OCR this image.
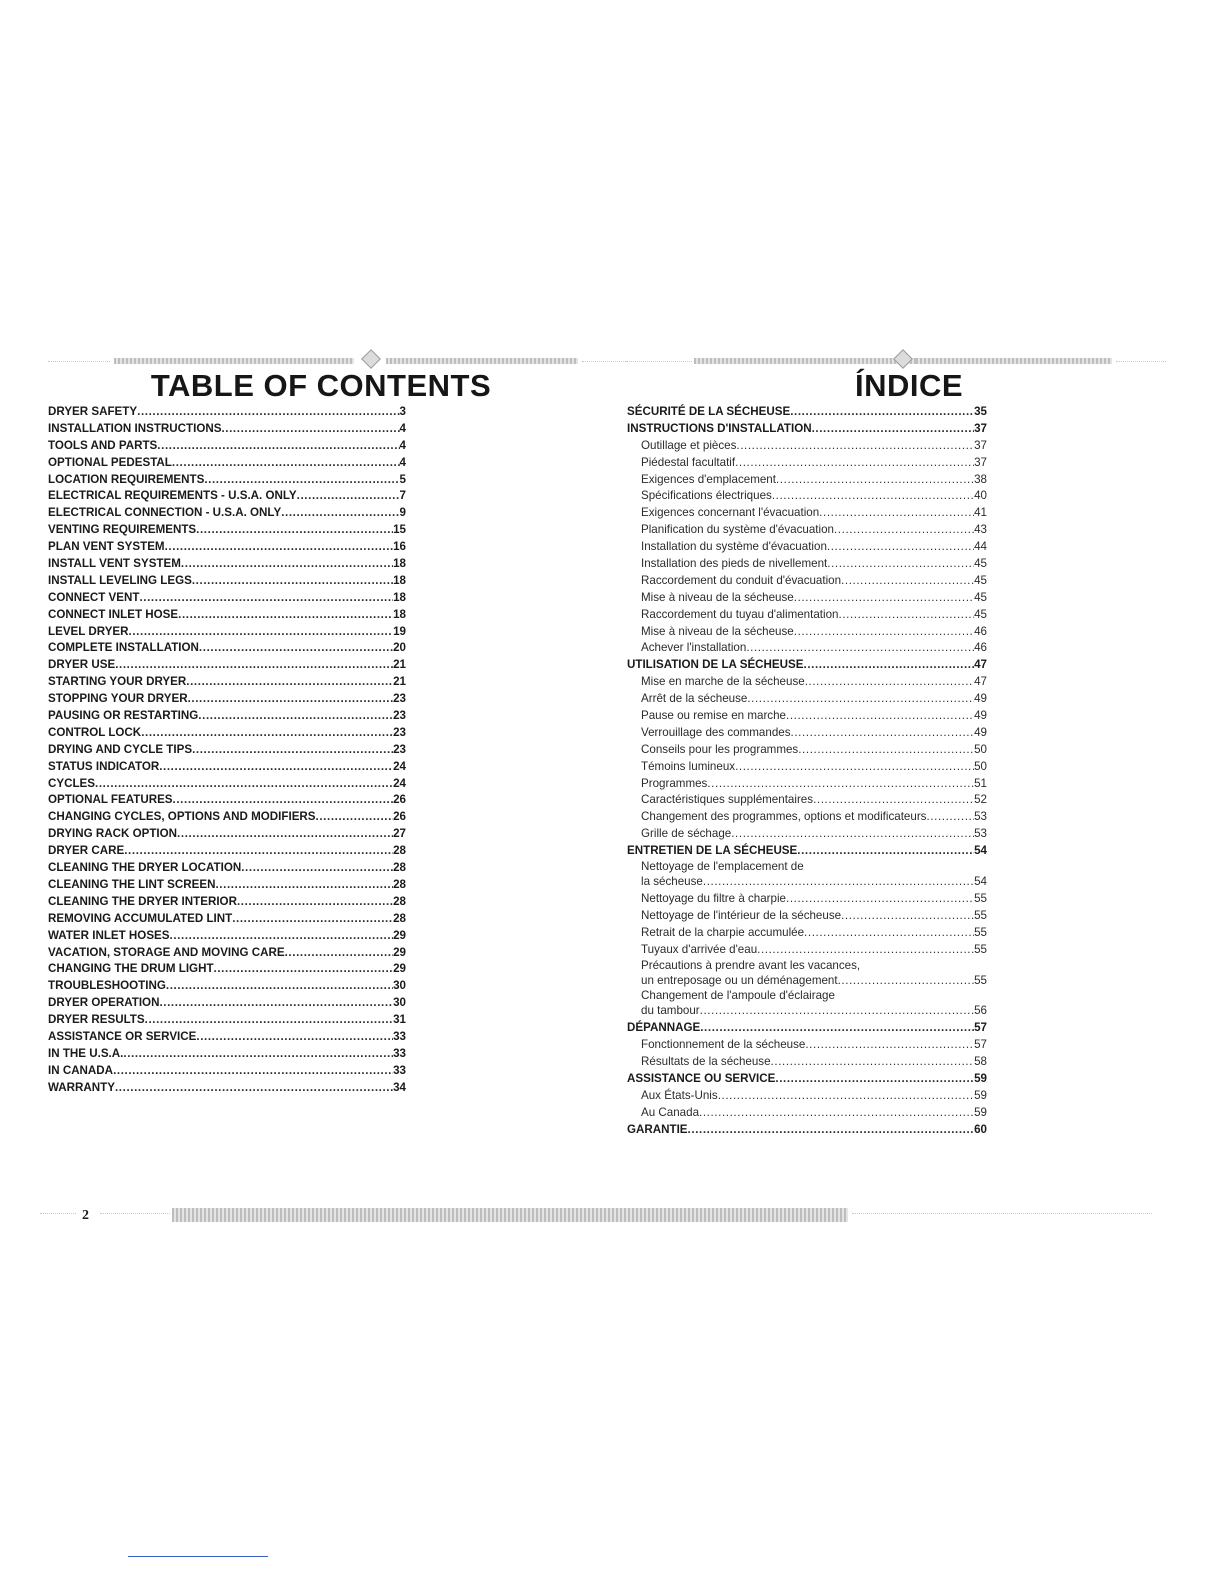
TABLE OF CONTENTS	ÍNDICE
DRYER SAFETY .....	3
INSTALLATION INSTRUCTIONS .....	4
TOOLS AND PARTS .....	4
OPTIONAL PEDESTAL .....	4
LOCATION REQUIREMENTS .....	5
ELECTRICAL REQUIREMENTS - U.S.A. ONLY .....	7
ELECTRICAL CONNECTION - U.S.A. ONLY .....	9
VENTING REQUIREMENTS .....	15
PLAN VENT SYSTEM .....	16
INSTALL VENT SYSTEM .....	18
INSTALL LEVELING LEGS .....	18
CONNECT VENT .....	18
CONNECT INLET HOSE .....	18
LEVEL DRYER .....	19
COMPLETE INSTALLATION .....	20
DRYER USE .....	21
STARTING YOUR DRYER .....	21
STOPPING YOUR DRYER .....	23
PAUSING OR RESTARTING .....	23
CONTROL LOCK .....	23
DRYING AND CYCLE TIPS .....	23
STATUS INDICATOR .....	24
CYCLES .....	24
OPTIONAL FEATURES .....	26
CHANGING CYCLES, OPTIONS AND MODIFIERS .....	26
DRYING RACK OPTION .....	27
DRYER CARE .....	28
CLEANING THE DRYER LOCATION .....	28
CLEANING THE LINT SCREEN .....	28
CLEANING THE DRYER INTERIOR .....	28
REMOVING ACCUMULATED LINT .....	28
WATER INLET HOSES .....	29
VACATION, STORAGE AND MOVING CARE .....	29
CHANGING THE DRUM LIGHT .....	29
TROUBLESHOOTING .....	30
DRYER OPERATION .....	30
DRYER RESULTS .....	31
ASSISTANCE OR SERVICE .....	33
IN THE U.S.A. .....	33
IN CANADA .....	33
WARRANTY .....	34
SÉCURITÉ DE LA SÉCHEUSE .....	35
INSTRUCTIONS D'INSTALLATION .....	37
Outillage et pièces .....	37
Piédestal facultatif .....	37
Exigences d'emplacement .....	38
Spécifications électriques .....	40
Exigences concernant l'évacuation .....	41
Planification du système d'évacuation .....	43
Installation du système d'évacuation .....	44
Installation des pieds de nivellement .....	45
Raccordement du conduit d'évacuation .....	45
Mise à niveau de la sécheuse .....	45
Raccordement du tuyau d'alimentation .....	45
Mise à niveau de la sécheuse .....	46
Achever l'installation .....	46
UTILISATION DE LA SÉCHEUSE .....	47
Mise en marche de la sécheuse .....	47
Arrêt de la sécheuse .....	49
Pause ou remise en marche .....	49
Verrouillage des commandes .....	49
Conseils pour les programmes .....	50
Témoins lumineux .....	50
Programmes .....	51
Caractéristiques supplémentaires .....	52
Changement des programmes, options et modificateurs .....	53
Grille de séchage .....	53
ENTRETIEN DE LA SÉCHEUSE .....	54
Nettoyage de l'emplacement de
la sécheuse .....	54
Nettoyage du filtre à charpie .....	55
Nettoyage de l'intérieur de la sécheuse .....	55
Retrait de la charpie accumulée .....	55
Tuyaux d'arrivée d'eau .....	55
Précautions à prendre avant les vacances,
un entreposage ou un déménagement .....	55
Changement de l'ampoule d'éclairage
du tambour .....	56
DÉPANNAGE .....	57
Fonctionnement de la sécheuse .....	57
Résultats de la sécheuse .....	58
ASSISTANCE OU SERVICE .....	59
Aux États-Unis .....	59
Au Canada .....	59
GARANTIE .....	60
2
